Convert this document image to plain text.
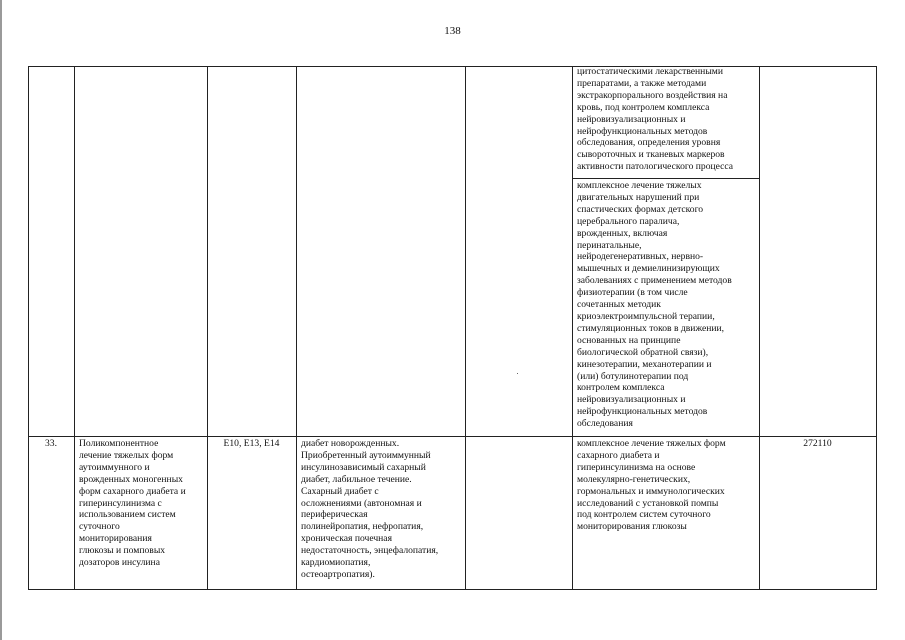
138
цитостатическими лекарственными
препаратами, а также методами
экстракорпорального воздействия на
кровь, под контролем комплекса
нейровизуализационных и
нейрофункциональных методов
обследования, определения уровня
сывороточных и тканевых маркеров
активности патологического процесса
комплексное лечение тяжелых
двигательных нарушений при
спастических формах детского
церебрального паралича,
врожденных, включая
перинатальные,
нейродегенеративных, нервно-
мышечных и демиелинизирующих
заболеваниях с применением методов
физиотерапии (в том числе
сочетанных методик
криоэлектроимпульсной терапии,
стимуляционных токов в движении,
основанных на принципе
биологической обратной связи),
кинезотерапии, механотерапии и
(или) ботулинотерапии под
контролем комплекса
нейровизуализационных и
нейрофункциональных методов
обследования
33.	Поликомпонентное
лечение тяжелых форм
аутоиммунного и
врожденных моногенных
форм сахарного диабета и
гиперинсулинизма с
использованием систем
суточного
мониторирования
глюкозы и помповых
дозаторов инсулина
E10, E13, E14	диабет новорожденных.
Приобретенный аутоиммунный
инсулинозависимый сахарный
диабет, лабильное течение.
Сахарный диабет с
осложнениями (автономная и
периферическая
полинейропатия, нефропатия,
хроническая почечная
недостаточность, энцефалопатия,
кардиомиопатия,
остеоартропатия).
комплексное лечение тяжелых форм
сахарного диабета и
гиперинсулинизма на основе
молекулярно-генетических,
гормональных и иммунологических
исследований с установкой помпы
под контролем систем суточного
мониторирования глюкозы
272110
